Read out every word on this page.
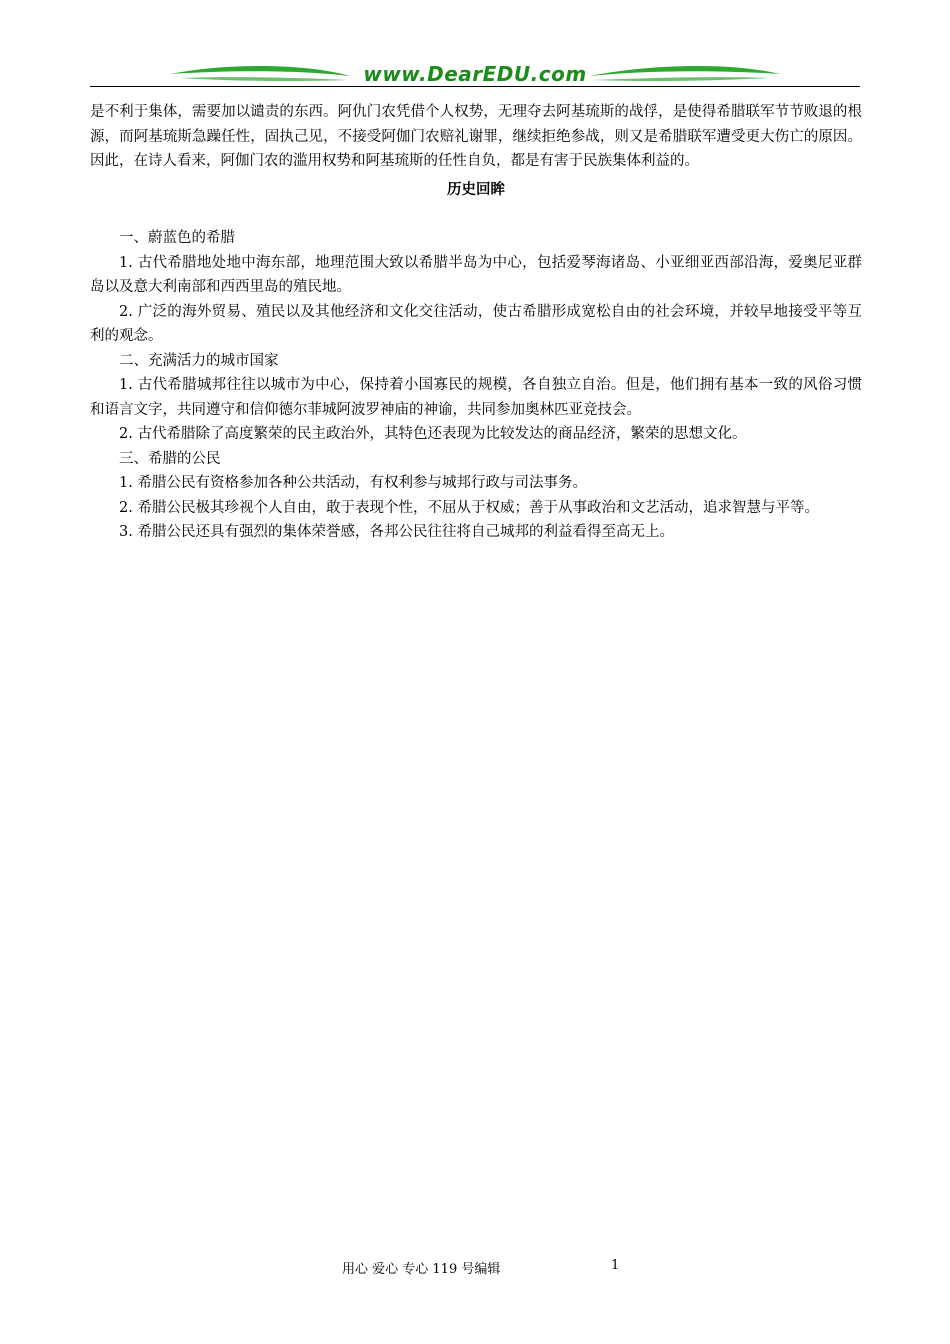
www.DearEDU.com

是不利于集体，需要加以谴责的东西。阿仇门农凭借个人权势，无理夺去阿基琉斯的战俘，是使得希腊联军节节败退的根源，而阿基琉斯急躁任性，固执己见，不接受阿伽门农赔礼谢罪，继续拒绝参战，则又是希腊联军遭受更大伤亡的原因。因此，在诗人看来，阿伽门农的滥用权势和阿基琉斯的任性自负，都是有害于民族集体利益的。

历史回眸

一、蔚蓝色的希腊

1. 古代希腊地处地中海东部，地理范围大致以希腊半岛为中心，包括爱琴海诸岛、小亚细亚西部沿海，爱奥尼亚群岛以及意大利南部和西西里岛的殖民地。

2. 广泛的海外贸易、殖民以及其他经济和文化交往活动，使古希腊形成宽松自由的社会环境，并较早地接受平等互利的观念。

二、充满活力的城市国家

1. 古代希腊城邦往往以城市为中心，保持着小国寡民的规模，各自独立自治。但是，他们拥有基本一致的风俗习惯和语言文字，共同遵守和信仰德尔菲城阿波罗神庙的神谕，共同参加奥林匹亚竞技会。

2. 古代希腊除了高度繁荣的民主政治外，其特色还表现为比较发达的商品经济，繁荣的思想文化。

三、希腊的公民

1. 希腊公民有资格参加各种公共活动，有权利参与城邦行政与司法事务。

2. 希腊公民极其珍视个人自由，敢于表现个性，不屈从于权威；善于从事政治和文艺活动，追求智慧与平等。

3. 希腊公民还具有强烈的集体荣誉感，各邦公民往往将自己城邦的利益看得至高无上。

用心 爱心 专心 119 号编辑	1
